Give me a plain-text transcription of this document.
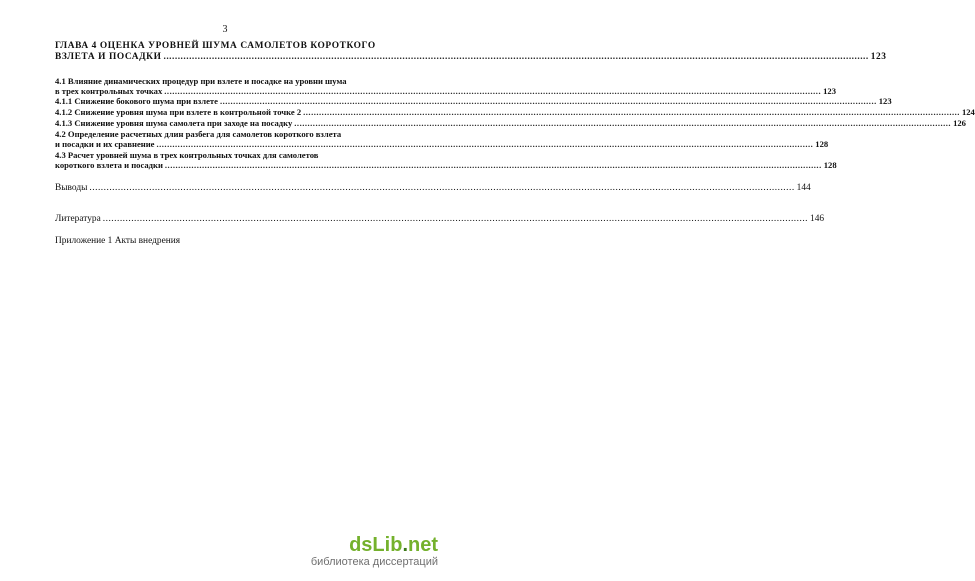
3
ГЛАВА 4 ОЦЕНКА УРОВНЕЙ ШУМА САМОЛЕТОВ КОРОТКОГО
ВЗЛЕТА И ПОСАДКИ .....	123
4.1 Влияние динамических процедур при взлете и посадке на уровни шума
в трех контрольных точках .....	123
4.1.1 Снижение бокового шума при взлете .....	123
4.1.2 Снижение уровня шума при взлете в контрольной точке 2 .....	124
4.1.3 Снижение уровня шума самолета при заходе на посадку .....	126
4.2 Определение расчетных длин разбега для самолетов короткого взлета
и посадки и их сравнение .....	128
4.3 Расчет уровней шума в трех контрольных точках для самолетов
короткого взлета и посадки .....	128
Выводы .....	144
Литература .....	146
Приложение 1 Акты внедрения
dsLib.net
библиотека диссертаций
